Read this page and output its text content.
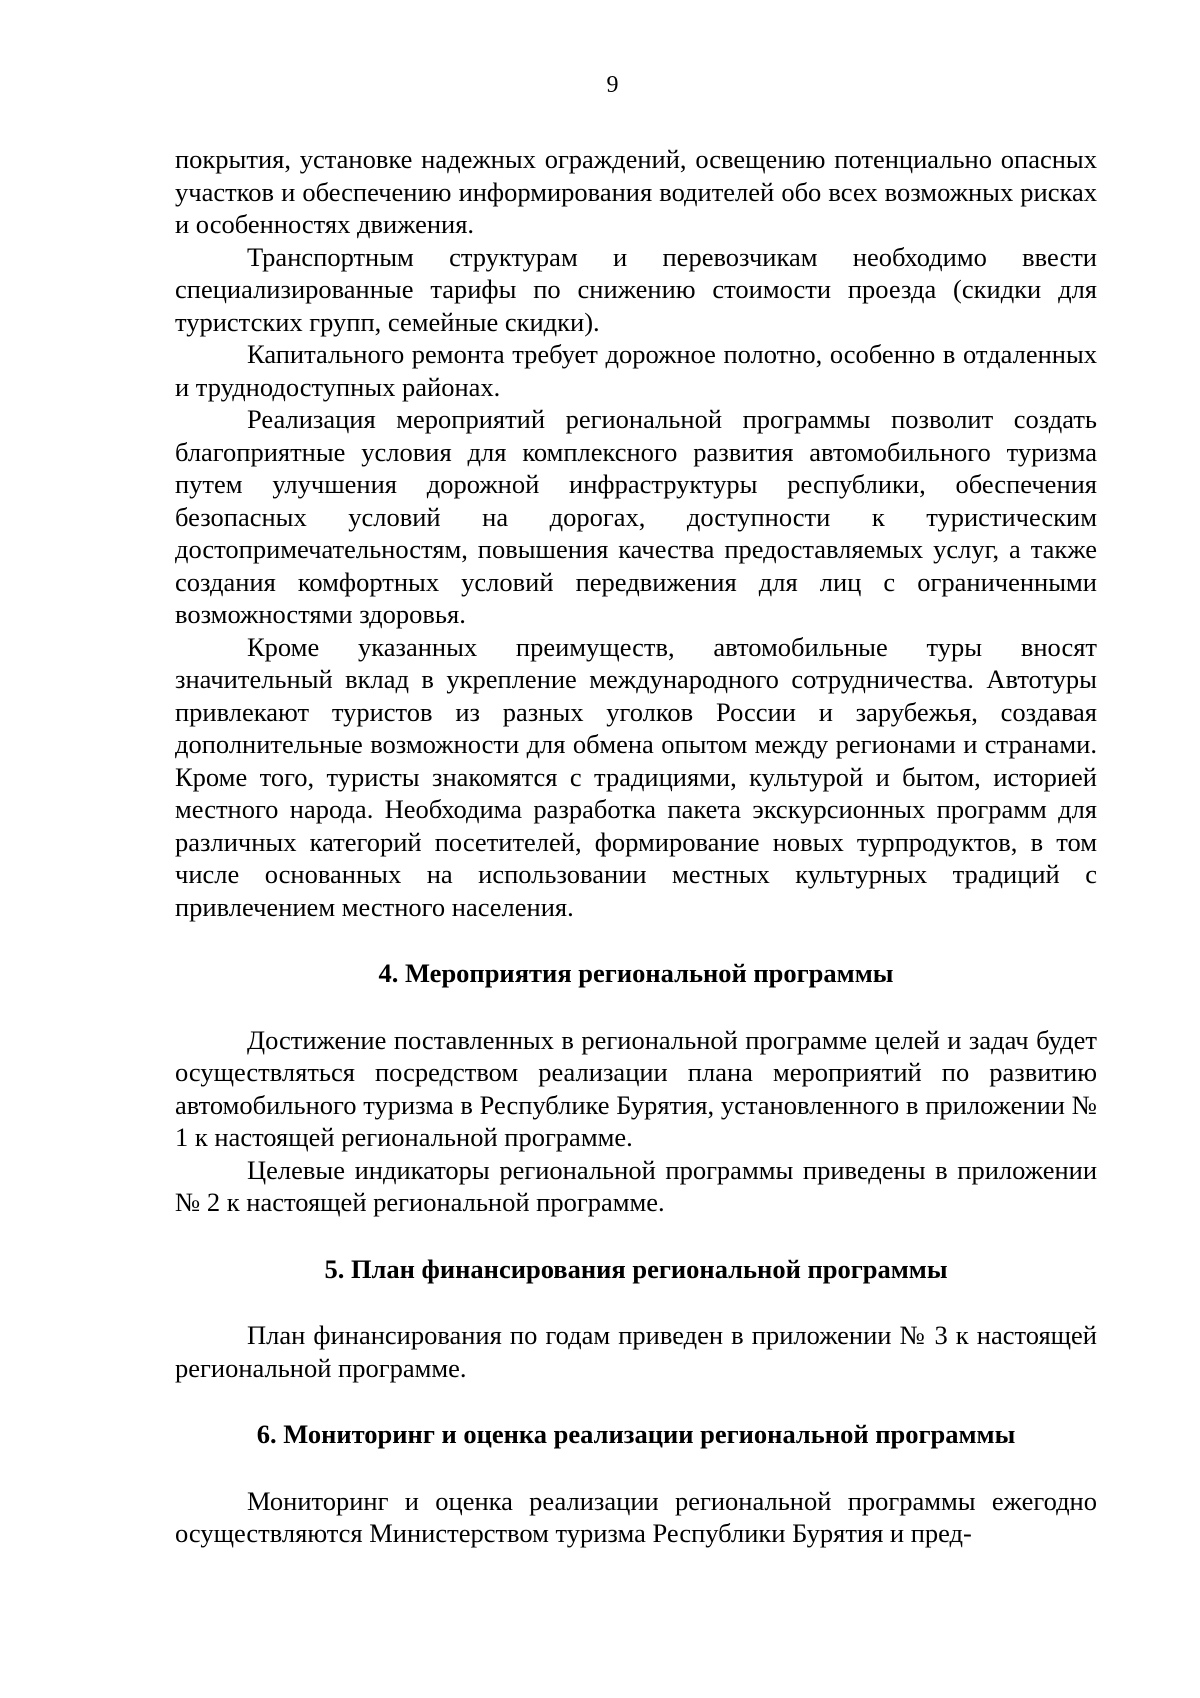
9

покрытия, установке надежных ограждений, освещению потенциально опасных участков и обеспечению информирования водителей обо всех возможных рисках и особенностях движения.

Транспортным структурам и перевозчикам необходимо ввести специализированные тарифы по снижению стоимости проезда (скидки для туристских групп, семейные скидки).

Капитального ремонта требует дорожное полотно, особенно в отдаленных и труднодоступных районах.

Реализация мероприятий региональной программы позволит создать благоприятные условия для комплексного развития автомобильного туризма путем улучшения дорожной инфраструктуры республики, обеспечения безопасных условий на дорогах, доступности к туристическим достопримечательностям, повышения качества предоставляемых услуг, а также создания комфортных условий передвижения для лиц с ограниченными возможностями здоровья.

Кроме указанных преимуществ, автомобильные туры вносят значительный вклад в укрепление международного сотрудничества. Автотуры привлекают туристов из разных уголков России и зарубежья, создавая дополнительные возможности для обмена опытом между регионами и странами. Кроме того, туристы знакомятся с традициями, культурой и бытом, историей местного народа. Необходима разработка пакета экскурсионных программ для различных категорий посетителей, формирование новых турпродуктов, в том числе основанных на использовании местных культурных традиций с привлечением местного населения.

4. Мероприятия региональной программы

Достижение поставленных в региональной программе целей и задач будет осуществляться посредством реализации плана мероприятий по развитию автомобильного туризма в Республике Бурятия, установленного в приложении № 1 к настоящей региональной программе.

Целевые индикаторы региональной программы приведены в приложении № 2 к настоящей региональной программе.

5. План финансирования региональной программы

План финансирования по годам приведен в приложении № 3 к настоящей региональной программе.

6. Мониторинг и оценка реализации региональной программы

Мониторинг и оценка реализации региональной программы ежегодно осуществляются Министерством туризма Республики Бурятия и пред-
